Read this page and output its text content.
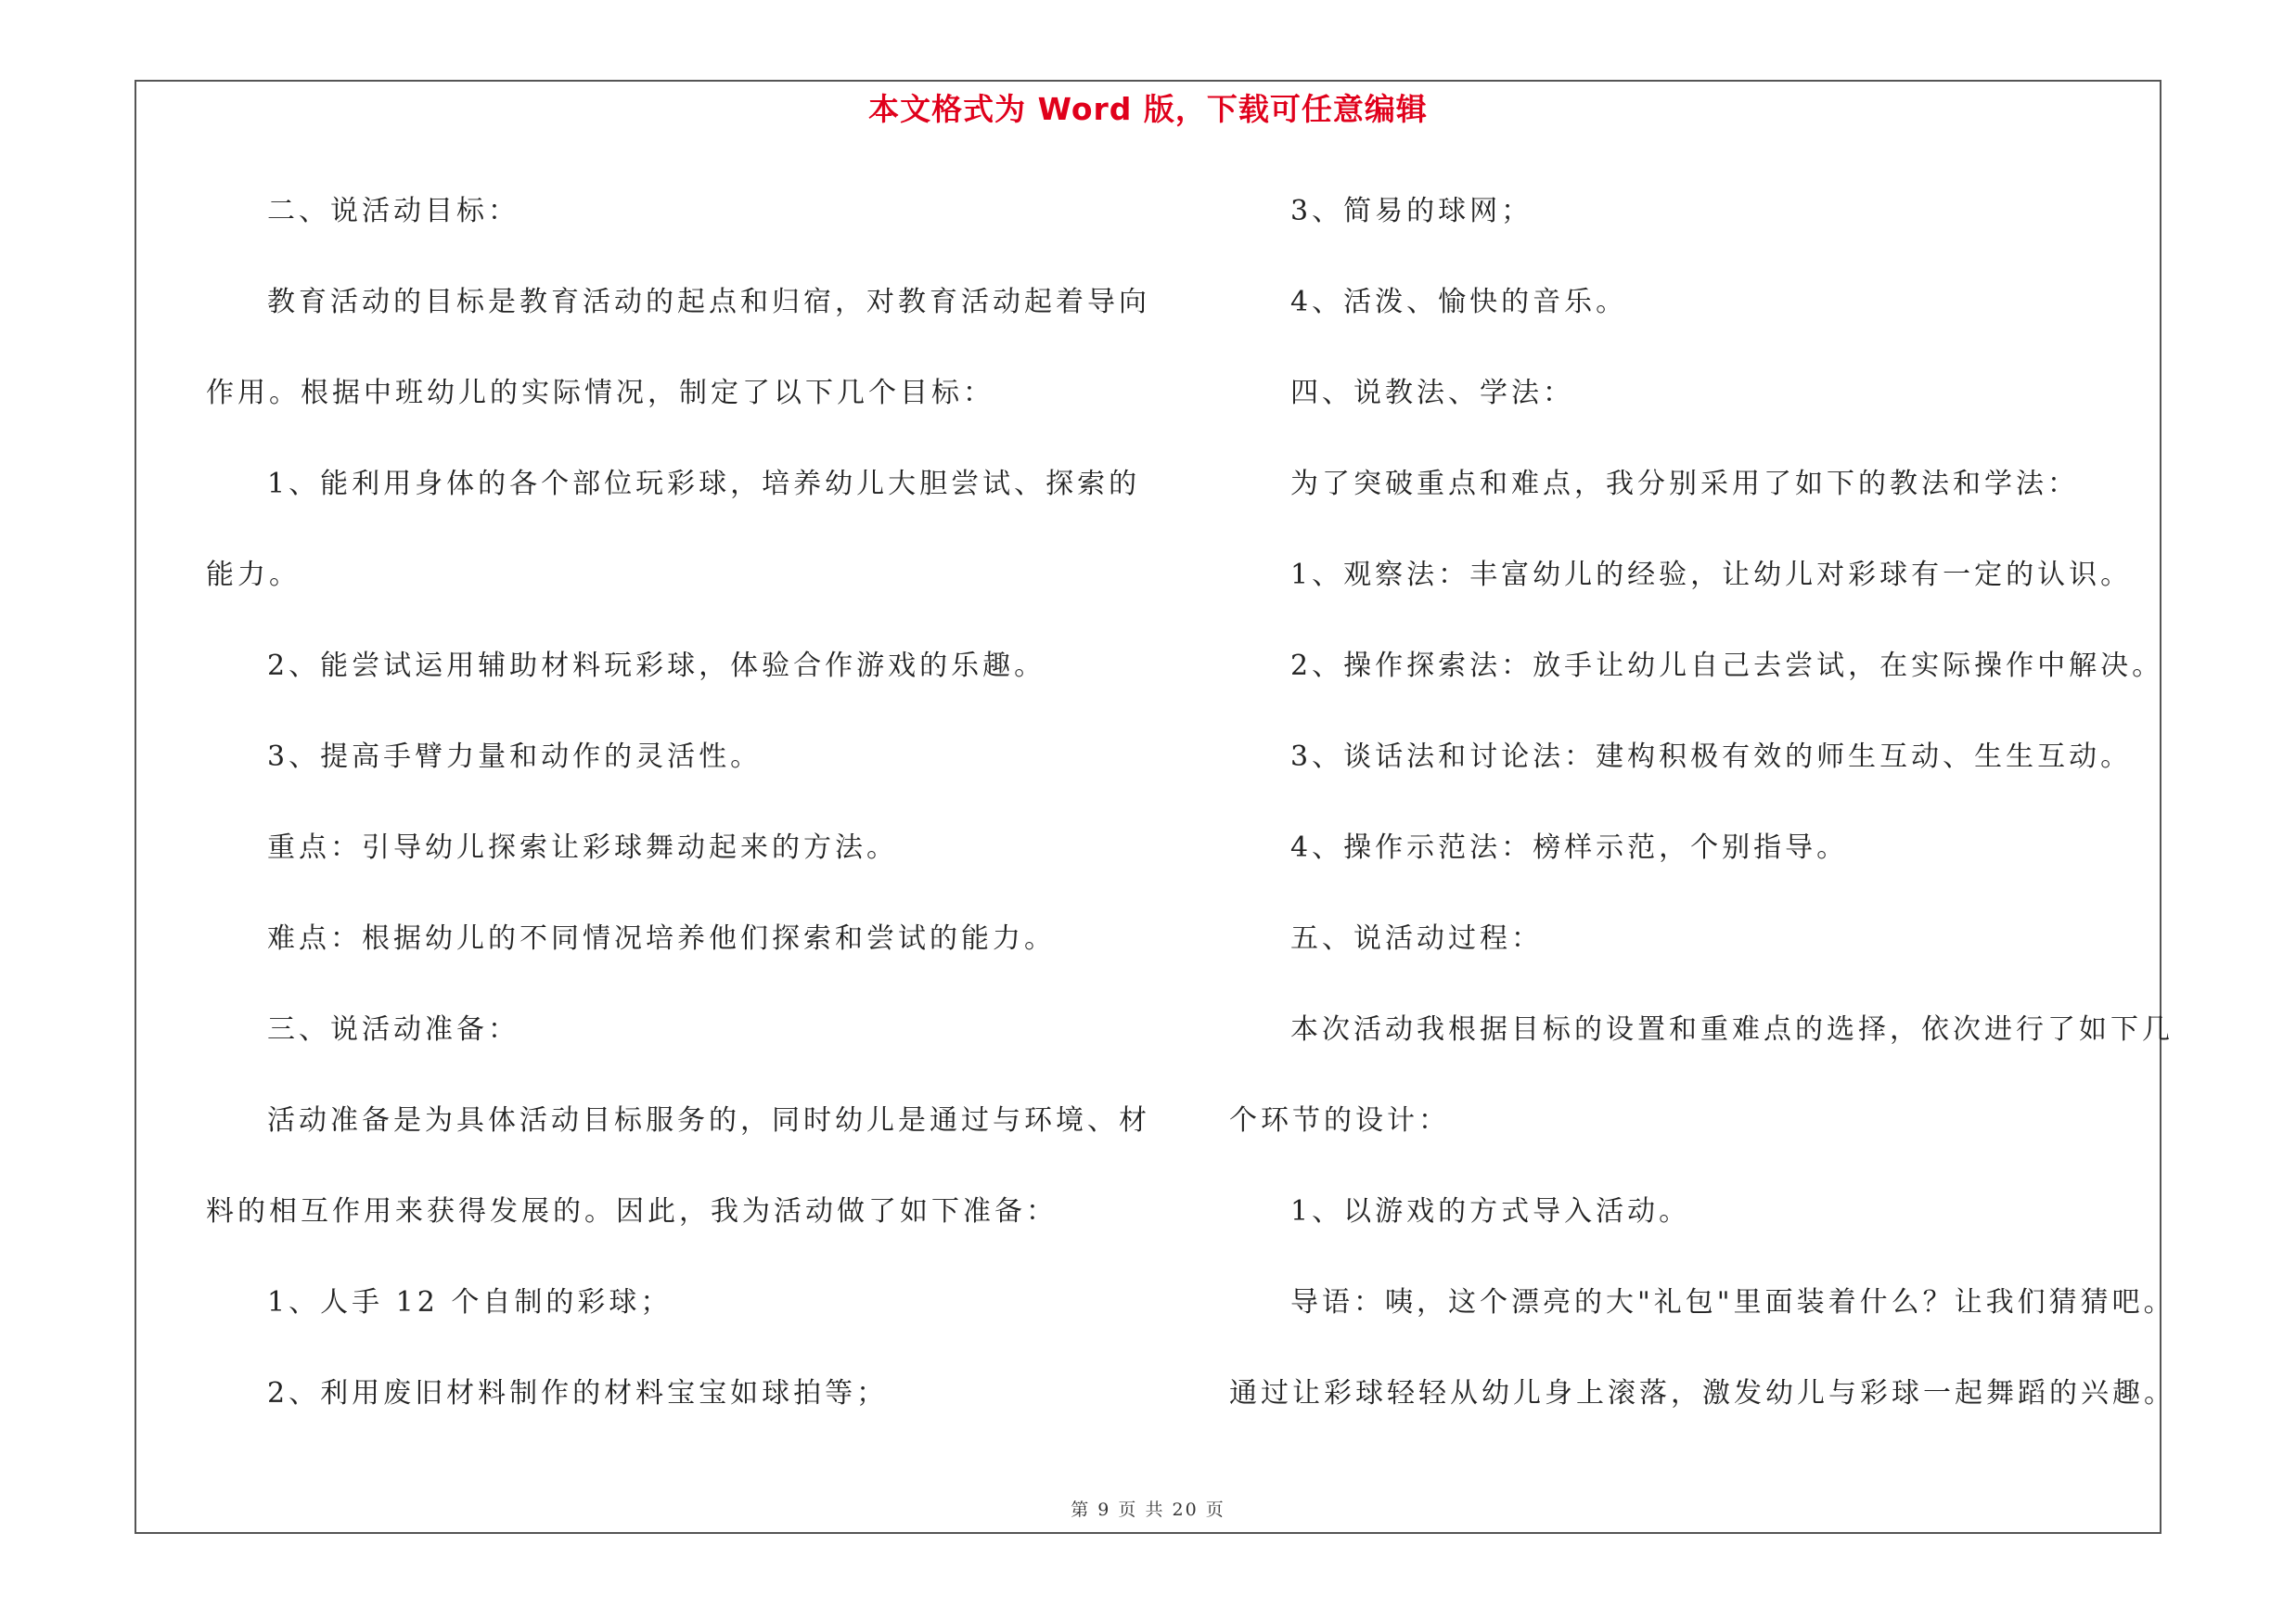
本文格式为 Word 版，下载可任意编辑
二、说活动目标：
教育活动的目标是教育活动的起点和归宿，对教育活动起着导向
作用。根据中班幼儿的实际情况，制定了以下几个目标：
1、能利用身体的各个部位玩彩球，培养幼儿大胆尝试、探索的
能力。
2、能尝试运用辅助材料玩彩球，体验合作游戏的乐趣。
3、提高手臂力量和动作的灵活性。
重点：引导幼儿探索让彩球舞动起来的方法。
难点：根据幼儿的不同情况培养他们探索和尝试的能力。
三、说活动准备：
活动准备是为具体活动目标服务的，同时幼儿是通过与环境、材
料的相互作用来获得发展的。因此，我为活动做了如下准备：
1、人手 12 个自制的彩球；
2、利用废旧材料制作的材料宝宝如球拍等；
3、简易的球网；
4、活泼、愉快的音乐。
四、说教法、学法：
为了突破重点和难点，我分别采用了如下的教法和学法：
1、观察法：丰富幼儿的经验，让幼儿对彩球有一定的认识。
2、操作探索法：放手让幼儿自己去尝试，在实际操作中解决。
3、谈话法和讨论法：建构积极有效的师生互动、生生互动。
4、操作示范法：榜样示范，个别指导。
五、说活动过程：
本次活动我根据目标的设置和重难点的选择，依次进行了如下几
个环节的设计：
1、以游戏的方式导入活动。
导语：咦，这个漂亮的大"礼包"里面装着什么？让我们猜猜吧。
通过让彩球轻轻从幼儿身上滚落，激发幼儿与彩球一起舞蹈的兴趣。
第 9 页 共 20 页
